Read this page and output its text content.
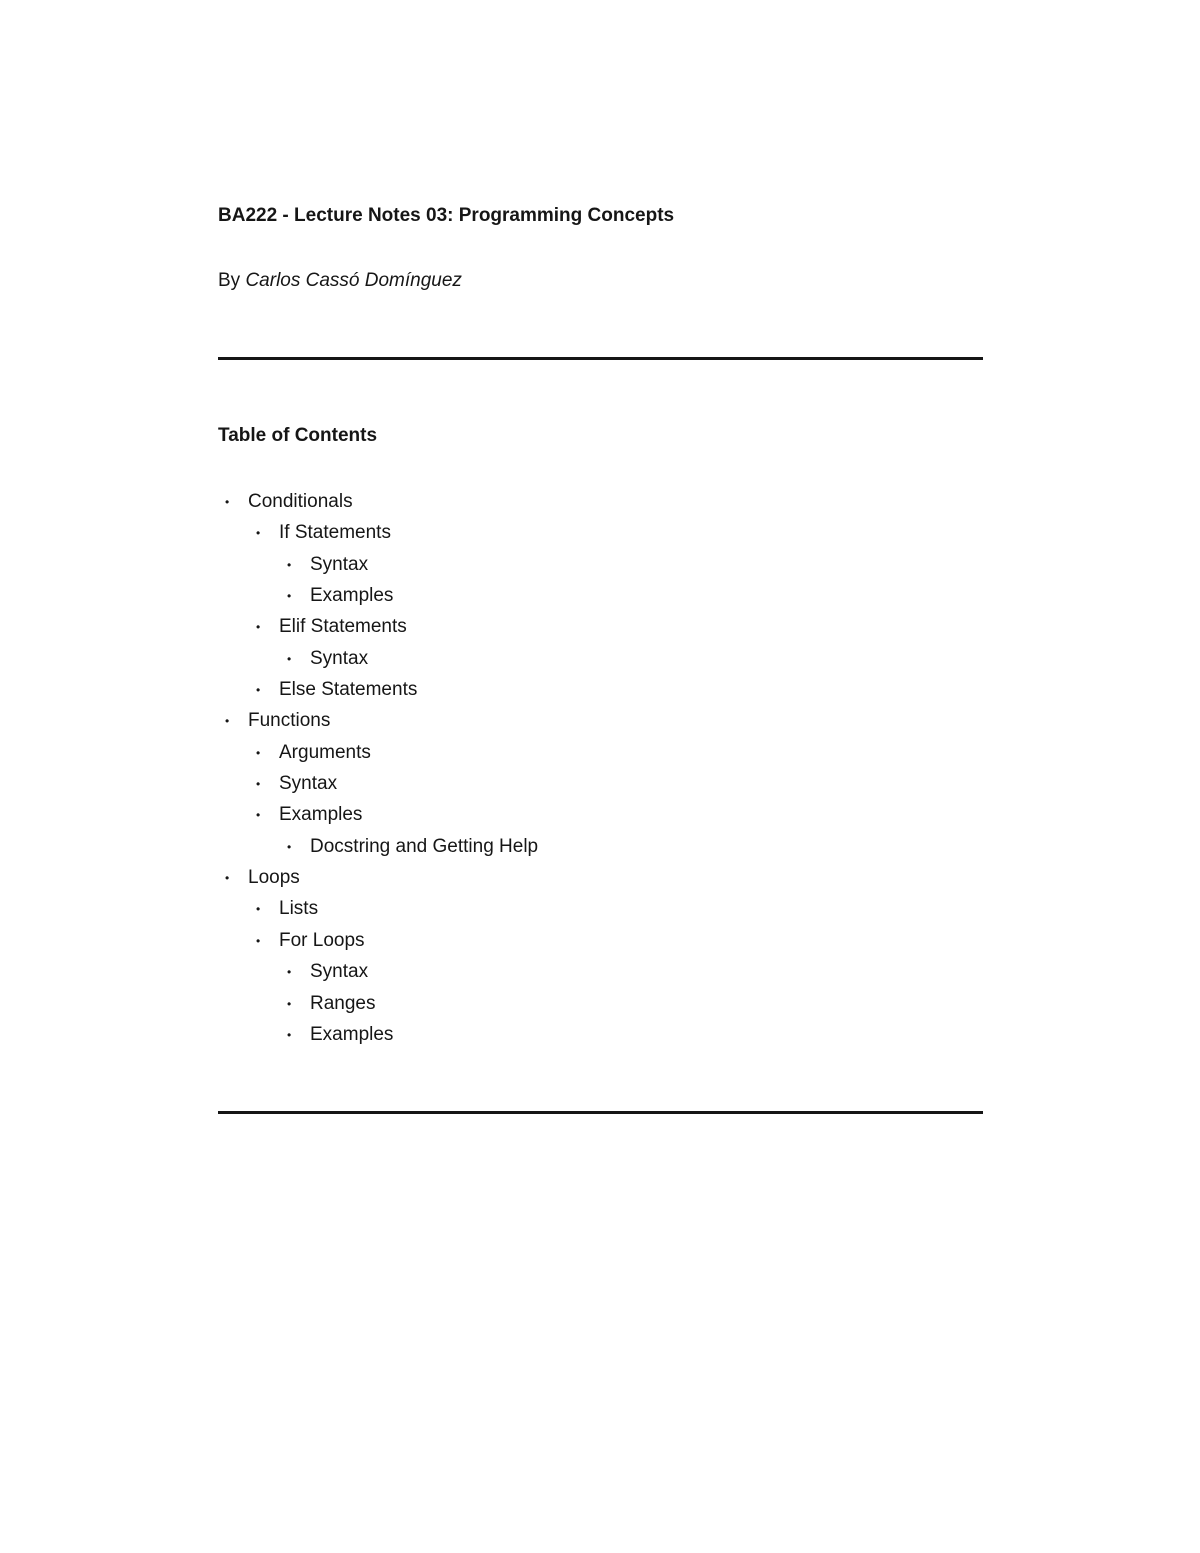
BA222 - Lecture Notes 03: Programming Concepts

By Carlos Cassó Domínguez

Table of Contents
• Conditionals
• If Statements
• Syntax
• Examples
• Elif Statements
• Syntax
• Else Statements
• Functions
• Arguments
• Syntax
• Examples
• Docstring and Getting Help
• Loops
• Lists
• For Loops
• Syntax
• Ranges
• Examples
